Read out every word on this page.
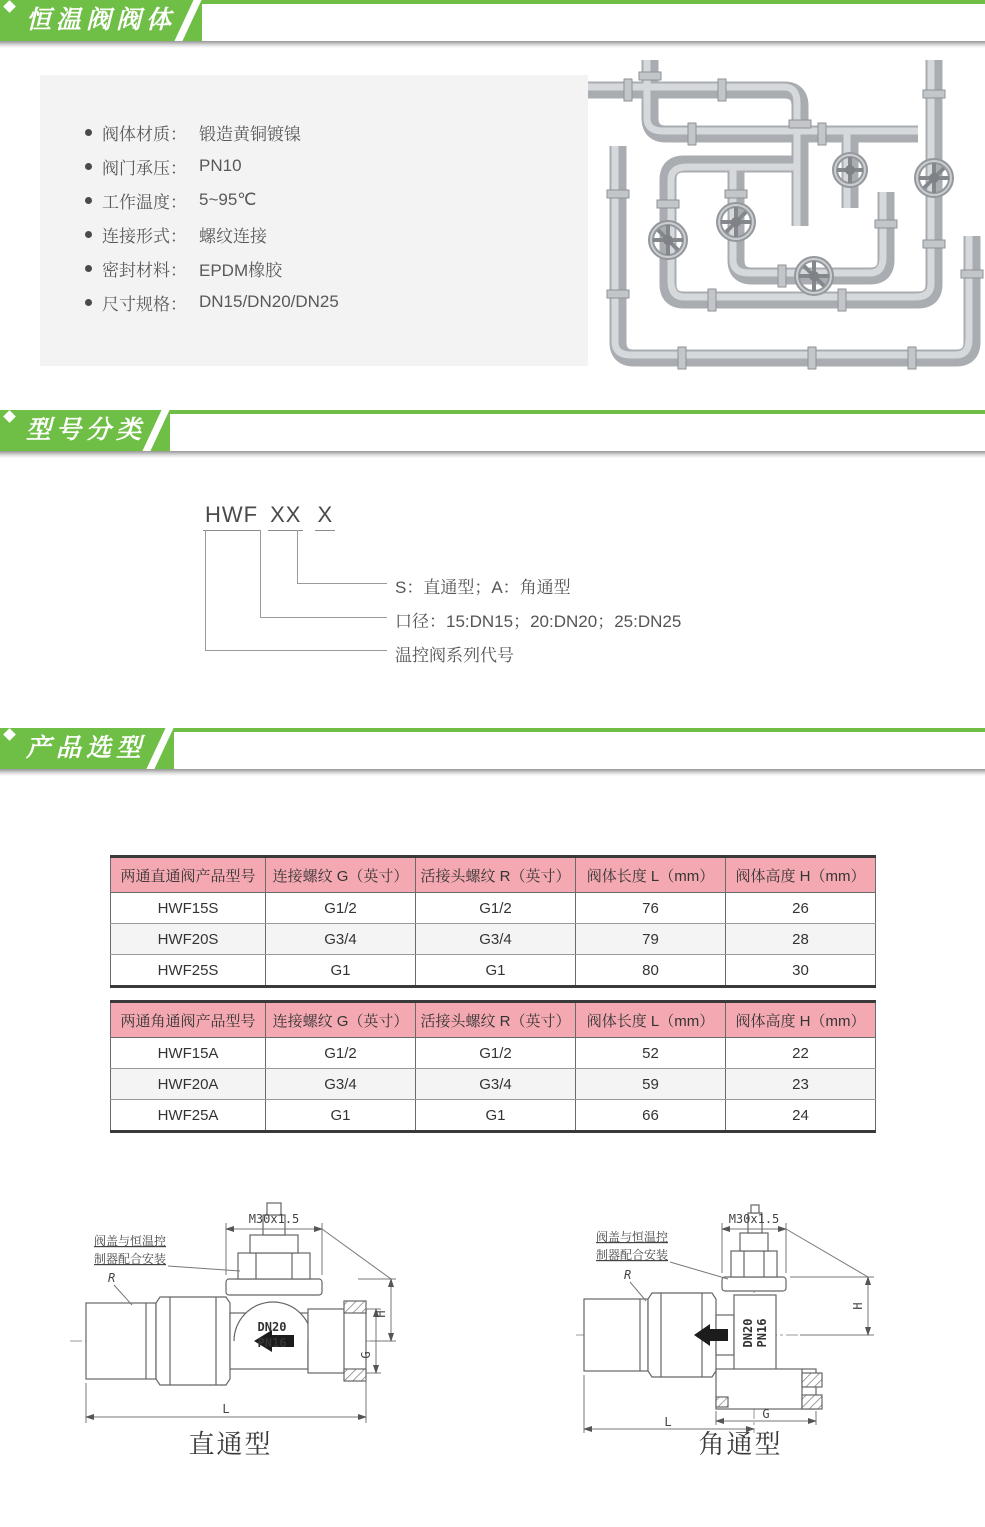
恒温阀阀体
阀体材质： 锻造黄铜镀镍
阀门承压： PN10
工作温度： 5~95℃
连接形式： 螺纹连接
密封材料： EPDM橡胶
尺寸规格： DN15/DN20/DN25
型号分类
HWF XX X
S：直通型；A：角通型
口径：15:DN15；20:DN20；25:DN25
温控阀系列代号
产品选型
两通直通阀产品型号	连接螺纹 G（英寸）	活接头螺纹 R（英寸）	阀体长度 L（mm）	阀体高度 H（mm）
HWF15S	G1/2	G1/2	76	26
HWF20S	G3/4	G3/4	79	28
HWF25S	G1	G1	80	30
两通角通阀产品型号	连接螺纹 G（英寸）	活接头螺纹 R（英寸）	阀体长度 L（mm）	阀体高度 H（mm）
HWF15A	G1/2	G1/2	52	22
HWF20A	G3/4	G3/4	59	23
HWF25A	G1	G1	66	24
DN20
PN16
M30x1.5
H
G
L
R
阀盖与恒温控
制器配合安装
直通型
DN20 PN16
M30x1.5
H
G
L
R
阀盖与恒温控
制器配合安装
角通型
